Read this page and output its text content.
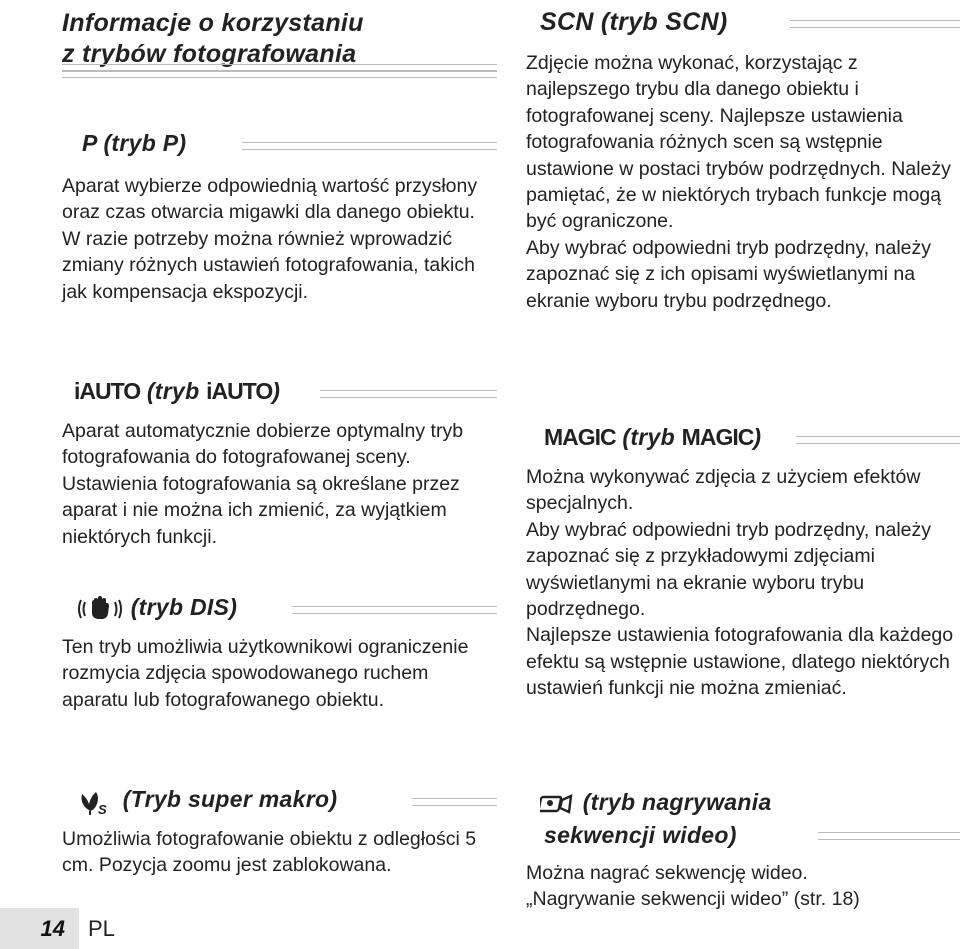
Informacje o korzystaniu
z trybów fotografowania
P (tryb P)

Aparat wybierze odpowiednią wartość przysłony oraz czas otwarcia migawki dla danego obiektu. W razie potrzeby można również wprowadzić zmiany różnych ustawień fotografowania, takich jak kompensacja ekspozycji.

iAUTO (tryb iAUTO)

Aparat automatycznie dobierze optymalny tryb fotografowania do fotografowanej sceny. Ustawienia fotografowania są określane przez aparat i nie można ich zmienić, za wyjątkiem niektórych funkcji.

(tryb DIS)

Ten tryb umożliwia użytkownikowi ograniczenie rozmycia zdjęcia spowodowanego ruchem aparatu lub fotografowanego obiektu.

S (Tryb super makro)

Umożliwia fotografowanie obiektu z odległości 5 cm. Pozycja zoomu jest zablokowana.

SCN (tryb SCN)

Zdjęcie można wykonać, korzystając z najlepszego trybu dla danego obiektu i fotografowanej sceny. Najlepsze ustawienia fotografowania różnych scen są wstępnie ustawione w postaci trybów podrzędnych. Należy pamiętać, że w niektórych trybach funkcje mogą być ograniczone.

Aby wybrać odpowiedni tryb podrzędny, należy zapoznać się z ich opisami wyświetlanymi na ekranie wyboru trybu podrzędnego.

MAGIC (tryb MAGIC)

Można wykonywać zdjęcia z użyciem efektów specjalnych.

Aby wybrać odpowiedni tryb podrzędny, należy zapoznać się z przykładowymi zdjęciami wyświetlanymi na ekranie wyboru trybu podrzędnego.

Najlepsze ustawienia fotografowania dla każdego efektu są wstępnie ustawione, dlatego niektórych ustawień funkcji nie można zmieniać.

(tryb nagrywania
sekwencji wideo)

Można nagrać sekwencję wideo.

„Nagrywanie sekwencji wideo” (str. 18)

14	PL
